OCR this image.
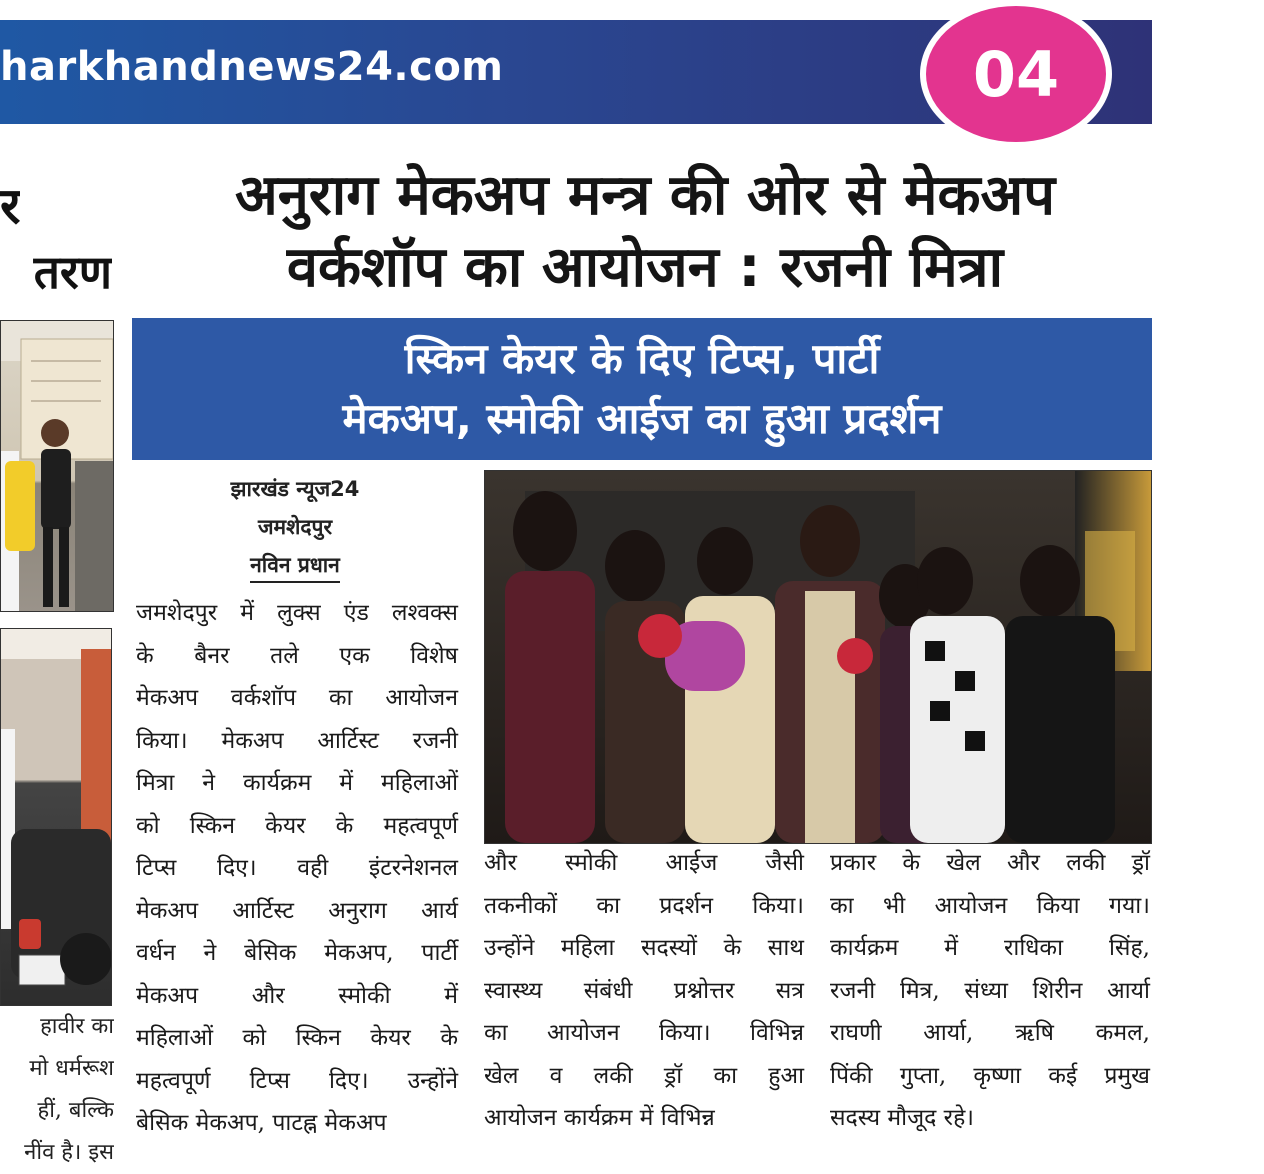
harkhandnews24.com	04
र
तरण
हावीर का
मो धर्मरूश
हीं, बल्कि
नींव है। इस
अनुराग मेकअप मन्त्र की ओर से मेकअप
वर्कशॉप का आयोजन : रजनी मित्रा
स्किन केयर के दिए टिप्स, पार्टी
मेकअप, स्मोकी आईज का हुआ प्रदर्शन
झारखंड न्यूज24
जमशेदपुर
नविन प्रधान
जमशेदपुर में लुक्स एंड लश्वक्स
के बैनर तले एक विशेष
मेकअप वर्कशॉप का आयोजन
किया। मेकअप आर्टिस्ट रजनी
मित्रा ने कार्यक्रम में महिलाओं
को स्किन केयर के महत्वपूर्ण
टिप्स दिए। वही इंटरनेशनल
मेकअप आर्टिस्ट अनुराग आर्य
वर्धन ने बेसिक मेकअप, पार्टी
मेकअप और स्मोकी में
महिलाओं को स्किन केयर के
महत्वपूर्ण टिप्स दिए। उन्होंने
बेसिक मेकअप, पाटह्न मेकअप
और स्मोकी आईज जैसी
तकनीकों का प्रदर्शन किया।
उन्होंने महिला सदस्यों के साथ
स्वास्थ्य संबंधी प्रश्नोत्तर सत्र
का आयोजन किया। विभिन्न
खेल व लकी ड्रॉ का हुआ
आयोजन कार्यक्रम में विभिन्न
प्रकार के खेल और लकी ड्रॉ
का भी आयोजन किया गया।
कार्यक्रम में राधिका सिंह,
रजनी मित्र, संध्या शिरीन आर्या
राघणी आर्या, ऋषि कमल,
पिंकी गुप्ता, कृष्णा कई प्रमुख
सदस्य मौजूद रहे।
